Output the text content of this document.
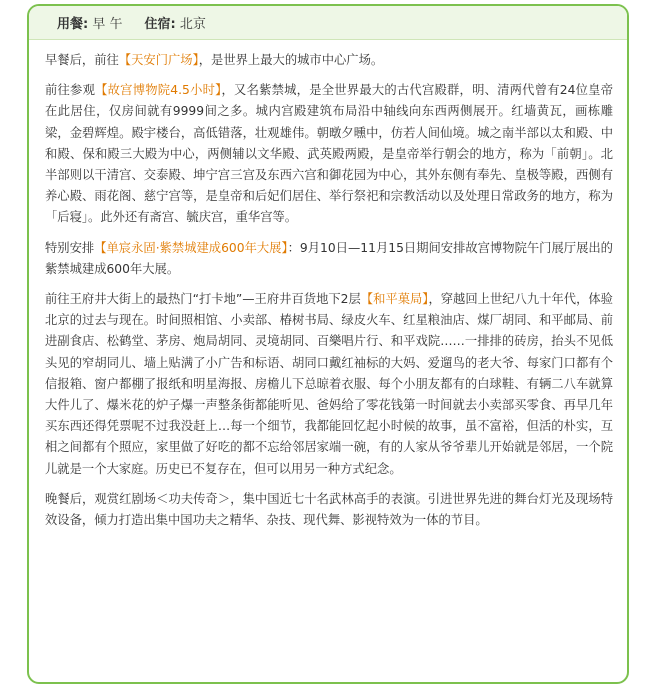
用餐: 早 午 住宿: 北京

早餐后，前往【天安门广场】，是世界上最大的城市中心广场。

前往参观【故宫博物院4.5小时】，又名紫禁城，是全世界最大的古代宫殿群，明、清两代曾有24位皇帝在此居住，仅房间就有9999间之多。城内宫殿建筑布局沿中轴线向东西两侧展开。红墙黄瓦，画栋雕梁，金碧辉煌。殿宇楼台，高低错落，壮观雄伟。朝暾夕曛中，仿若人间仙境。城之南半部以太和殿、中和殿、保和殿三大殿为中心，两侧辅以文华殿、武英殿两殿，是皇帝举行朝会的地方，称为「前朝」。北半部则以干清宫、交泰殿、坤宁宫三宫及东西六宫和御花园为中心，其外东侧有奉先、皇极等殿，西侧有养心殿、雨花阁、慈宁宫等，是皇帝和后妃们居住、举行祭祀和宗教活动以及处理日常政务的地方，称为「后寝」。此外还有斋宫、毓庆宫，重华宫等。

特别安排【单宸永固·紫禁城建成600年大展】：9月10日—11月15日期间安排故宫博物院午门展厅展出的紫禁城建成600年大展。

前往王府井大街上的最热门“打卡地”—王府井百货地下2层【和平菓局】，穿越回上世纪八九十年代，体验北京的过去与现在。时间照相馆、小卖部、椿树书局、绿皮火车、红星粮油店、煤厂胡同、和平邮局、前进副食店、松鹤堂、茅房、炮局胡同、灵境胡同、百樂唱片行、和平戏院……一排排的砖房，抬头不见低头见的窄胡同儿、墙上贴满了小广告和标语、胡同口戴红袖标的大妈、爱遛鸟的老大爷、每家门口都有个信报箱、窗户都棚了报纸和明星海报、房檐儿下总晾着衣服、每个小朋友都有的白球鞋、有辆二八车就算大件儿了、爆米花的炉子爆一声整条街都能听见、爸妈给了零花钱第一时间就去小卖部买零食、再早几年买东西还得凭票呢不过我没赶上…每一个细节，我都能回忆起小时候的故事，虽不富裕，但活的朴实，互相之间都有个照应，家里做了好吃的都不忘给邻居家端一碗，有的人家从爷爷辈儿开始就是邻居，一个院儿就是一个大家庭。历史已不复存在，但可以用另一种方式纪念。

晚餐后，观赏红剧场＜功夫传奇＞，集中国近七十名武林高手的表演。引进世界先进的舞台灯光及现场特效设备，倾力打造出集中国功夫之精华、杂技、现代舞、影视特效为一体的节目。
